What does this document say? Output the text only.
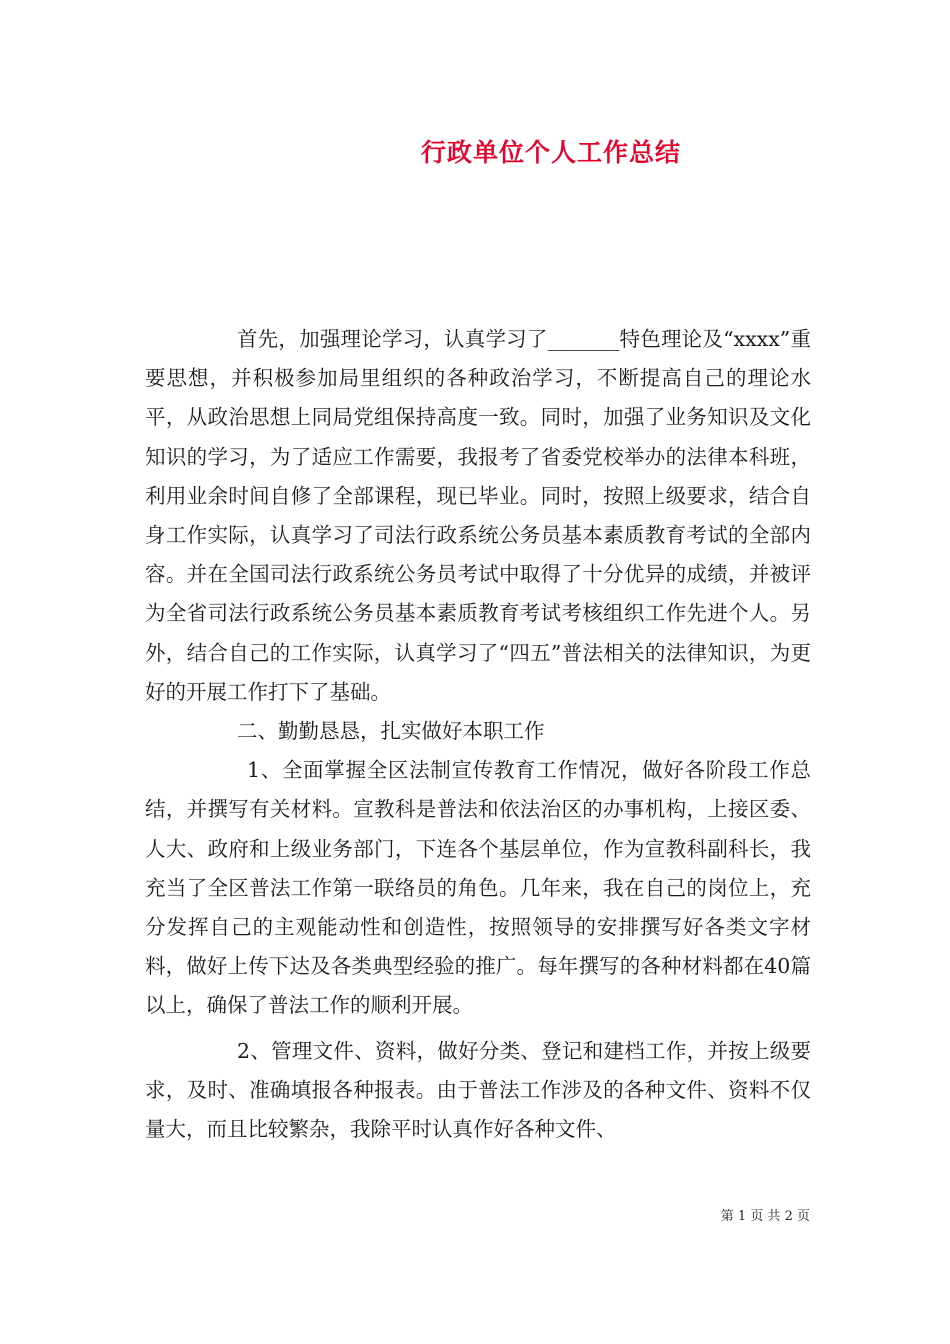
行政单位个人工作总结

首先，加强理论学习，认真学习了_______特色理论及“xxxx”重要思想，并积极参加局里组织的各种政治学习，不断提高自己的理论水平，从政治思想上同局党组保持高度一致。同时，加强了业务知识及文化知识的学习，为了适应工作需要，我报考了省委党校举办的法律本科班，利用业余时间自修了全部课程，现已毕业。同时，按照上级要求，结合自身工作实际，认真学习了司法行政系统公务员基本素质教育考试的全部内容。并在全国司法行政系统公务员考试中取得了十分优异的成绩，并被评为全省司法行政系统公务员基本素质教育考试考核组织工作先进个人。另外，结合自己的工作实际，认真学习了“四五”普法相关的法律知识，为更好的开展工作打下了基础。

二、勤勤恳恳，扎实做好本职工作

1、全面掌握全区法制宣传教育工作情况，做好各阶段工作总结，并撰写有关材料。宣教科是普法和依法治区的办事机构，上接区委、人大、政府和上级业务部门，下连各个基层单位，作为宣教科副科长，我充当了全区普法工作第一联络员的角色。几年来，我在自己的岗位上，充分发挥自己的主观能动性和创造性，按照领导的安排撰写好各类文字材料，做好上传下达及各类典型经验的推广。每年撰写的各种材料都在40篇以上，确保了普法工作的顺利开展。

2、管理文件、资料，做好分类、登记和建档工作，并按上级要求，及时、准确填报各种报表。由于普法工作涉及的各种文件、资料不仅量大，而且比较繁杂，我除平时认真作好各种文件、

第 1 页 共 2 页
